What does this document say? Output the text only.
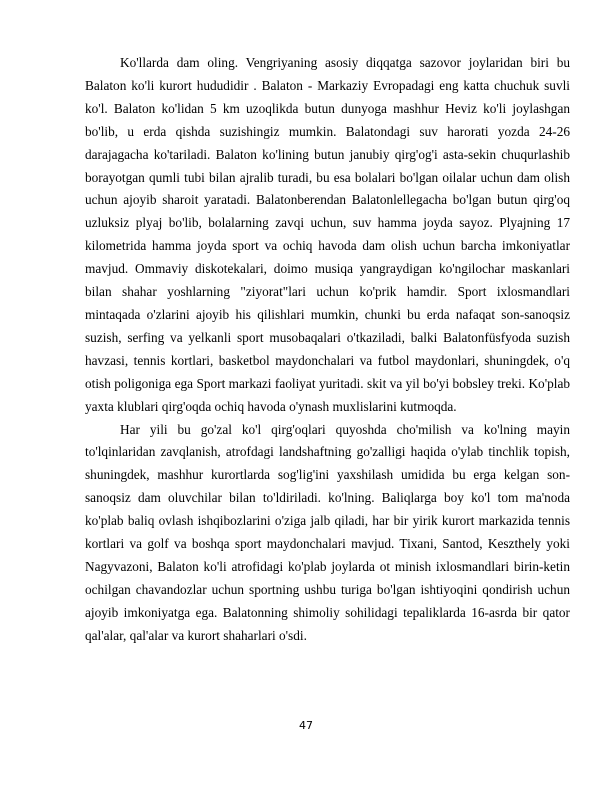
Ko'llarda dam oling. Vengriyaning asosiy diqqatga sazovor joylaridan biri bu Balaton ko'li kurort hududidir . Balaton - Markaziy Evropadagi eng katta chuchuk suvli ko'l. Balaton ko'lidan 5 km uzoqlikda butun dunyoga mashhur Heviz ko'li joylashgan bo'lib, u erda qishda suzishingiz mumkin. Balatondagi suv harorati yozda 24-26 darajagacha ko'tariladi. Balaton ko'lining butun janubiy qirg'og'i asta-sekin chuqurlashib borayotgan qumli tubi bilan ajralib turadi, bu esa bolalari bo'lgan oilalar uchun dam olish uchun ajoyib sharoit yaratadi. Balatonberendan Balatonlellegacha bo'lgan butun qirg'oq uzluksiz plyaj bo'lib, bolalarning zavqi uchun, suv hamma joyda sayoz. Plyajning 17 kilometrida hamma joyda sport va ochiq havoda dam olish uchun barcha imkoniyatlar mavjud. Ommaviy diskotekalari, doimo musiqa yangraydigan ko'ngilochar maskanlari bilan shahar yoshlarning "ziyorat"lari uchun ko'prik hamdir. Sport ixlosmandlari mintaqada o'zlarini ajoyib his qilishlari mumkin, chunki bu erda nafaqat son-sanoqsiz suzish, serfing va yelkanli sport musobaqalari o'tkaziladi, balki Balatonfüsfyoda suzish havzasi, tennis kortlari, basketbol maydonchalari va futbol maydonlari, shuningdek, o'q otish poligoniga ega Sport markazi faoliyat yuritadi. skit va yil bo'yi bobsley treki. Ko'plab yaxta klublari qirg'oqda ochiq havoda o'ynash muxlislarini kutmoqda.

Har yili bu go'zal ko'l qirg'oqlari quyoshda cho'milish va ko'lning mayin to'lqinlaridan zavqlanish, atrofdagi landshaftning go'zalligi haqida o'ylab tinchlik topish, shuningdek, mashhur kurortlarda sog'lig'ini yaxshilash umidida bu erga kelgan son-sanoqsiz dam oluvchilar bilan to'ldiriladi. ko'lning. Baliqlarga boy ko'l tom ma'noda ko'plab baliq ovlash ishqibozlarini o'ziga jalb qiladi, har bir yirik kurort markazida tennis kortlari va golf va boshqa sport maydonchalari mavjud. Tixani, Santod, Keszthely yoki Nagyvazoni, Balaton ko'li atrofidagi ko'plab joylarda ot minish ixlosmandlari birin-ketin ochilgan chavandozlar uchun sportning ushbu turiga bo'lgan ishtiyoqini qondirish uchun ajoyib imkoniyatga ega. Balatonning shimoliy sohilidagi tepaliklarda 16-asrda bir qator qal'alar, qal'alar va kurort shaharlari o'sdi.

47
